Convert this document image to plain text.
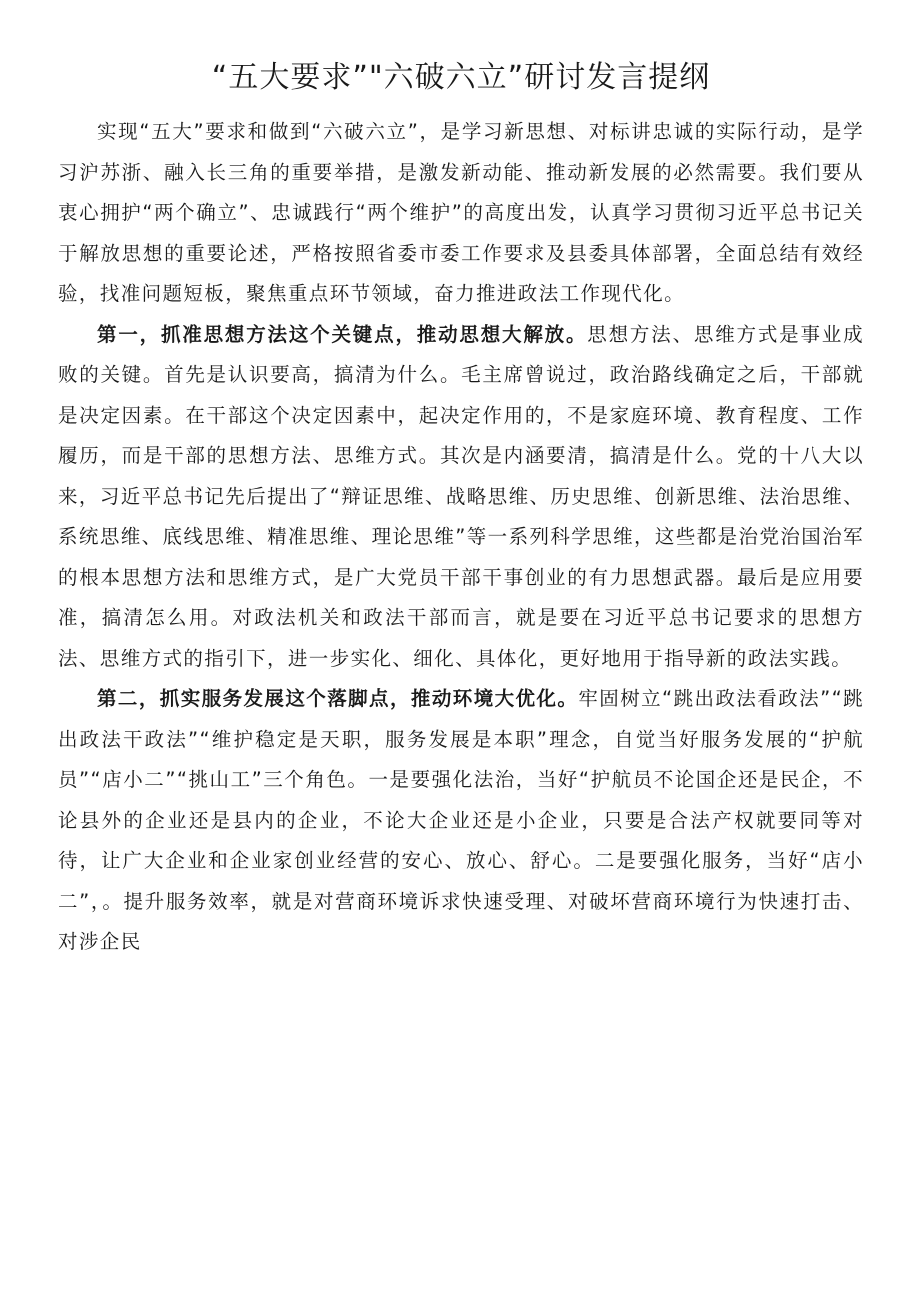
“五大要求”"六破六立”研讨发言提纲

实现“五大”要求和做到“六破六立”，是学习新思想、对标讲忠诚的实际行动，是学习沪苏浙、融入长三角的重要举措，是激发新动能、推动新发展的必然需要。我们要从衷心拥护“两个确立”、忠诚践行“两个维护”的高度出发，认真学习贯彻习近平总书记关于解放思想的重要论述，严格按照省委市委工作要求及县委具体部署，全面总结有效经验，找准问题短板，聚焦重点环节领域，奋力推进政法工作现代化。

第一，抓准思想方法这个关键点，推动思想大解放。思想方法、思维方式是事业成败的关键。首先是认识要高，搞清为什么。毛主席曾说过，政治路线确定之后，干部就是决定因素。在干部这个决定因素中，起决定作用的，不是家庭环境、教育程度、工作履历，而是干部的思想方法、思维方式。其次是内涵要清，搞清是什么。党的十八大以来，习近平总书记先后提出了“辩证思维、战略思维、历史思维、创新思维、法治思维、系统思维、底线思维、精准思维、理论思维”等一系列科学思维，这些都是治党治国治军的根本思想方法和思维方式，是广大党员干部干事创业的有力思想武器。最后是应用要准，搞清怎么用。对政法机关和政法干部而言，就是要在习近平总书记要求的思想方法、思维方式的指引下，进一步实化、细化、具体化，更好地用于指导新的政法实践。

第二，抓实服务发展这个落脚点，推动环境大优化。牢固树立“跳出政法看政法”“跳出政法干政法”“维护稳定是天职，服务发展是本职”理念，自觉当好服务发展的“护航员”“店小二”“挑山工”三个角色。一是要强化法治，当好“护航员不论国企还是民企，不论县外的企业还是县内的企业，不论大企业还是小企业，只要是合法产权就要同等对待，让广大企业和企业家创业经营的安心、放心、舒心。二是要强化服务，当好“店小二”，。提升服务效率，就是对营商环境诉求快速受理、对破坏营商环境行为快速打击、对涉企民
